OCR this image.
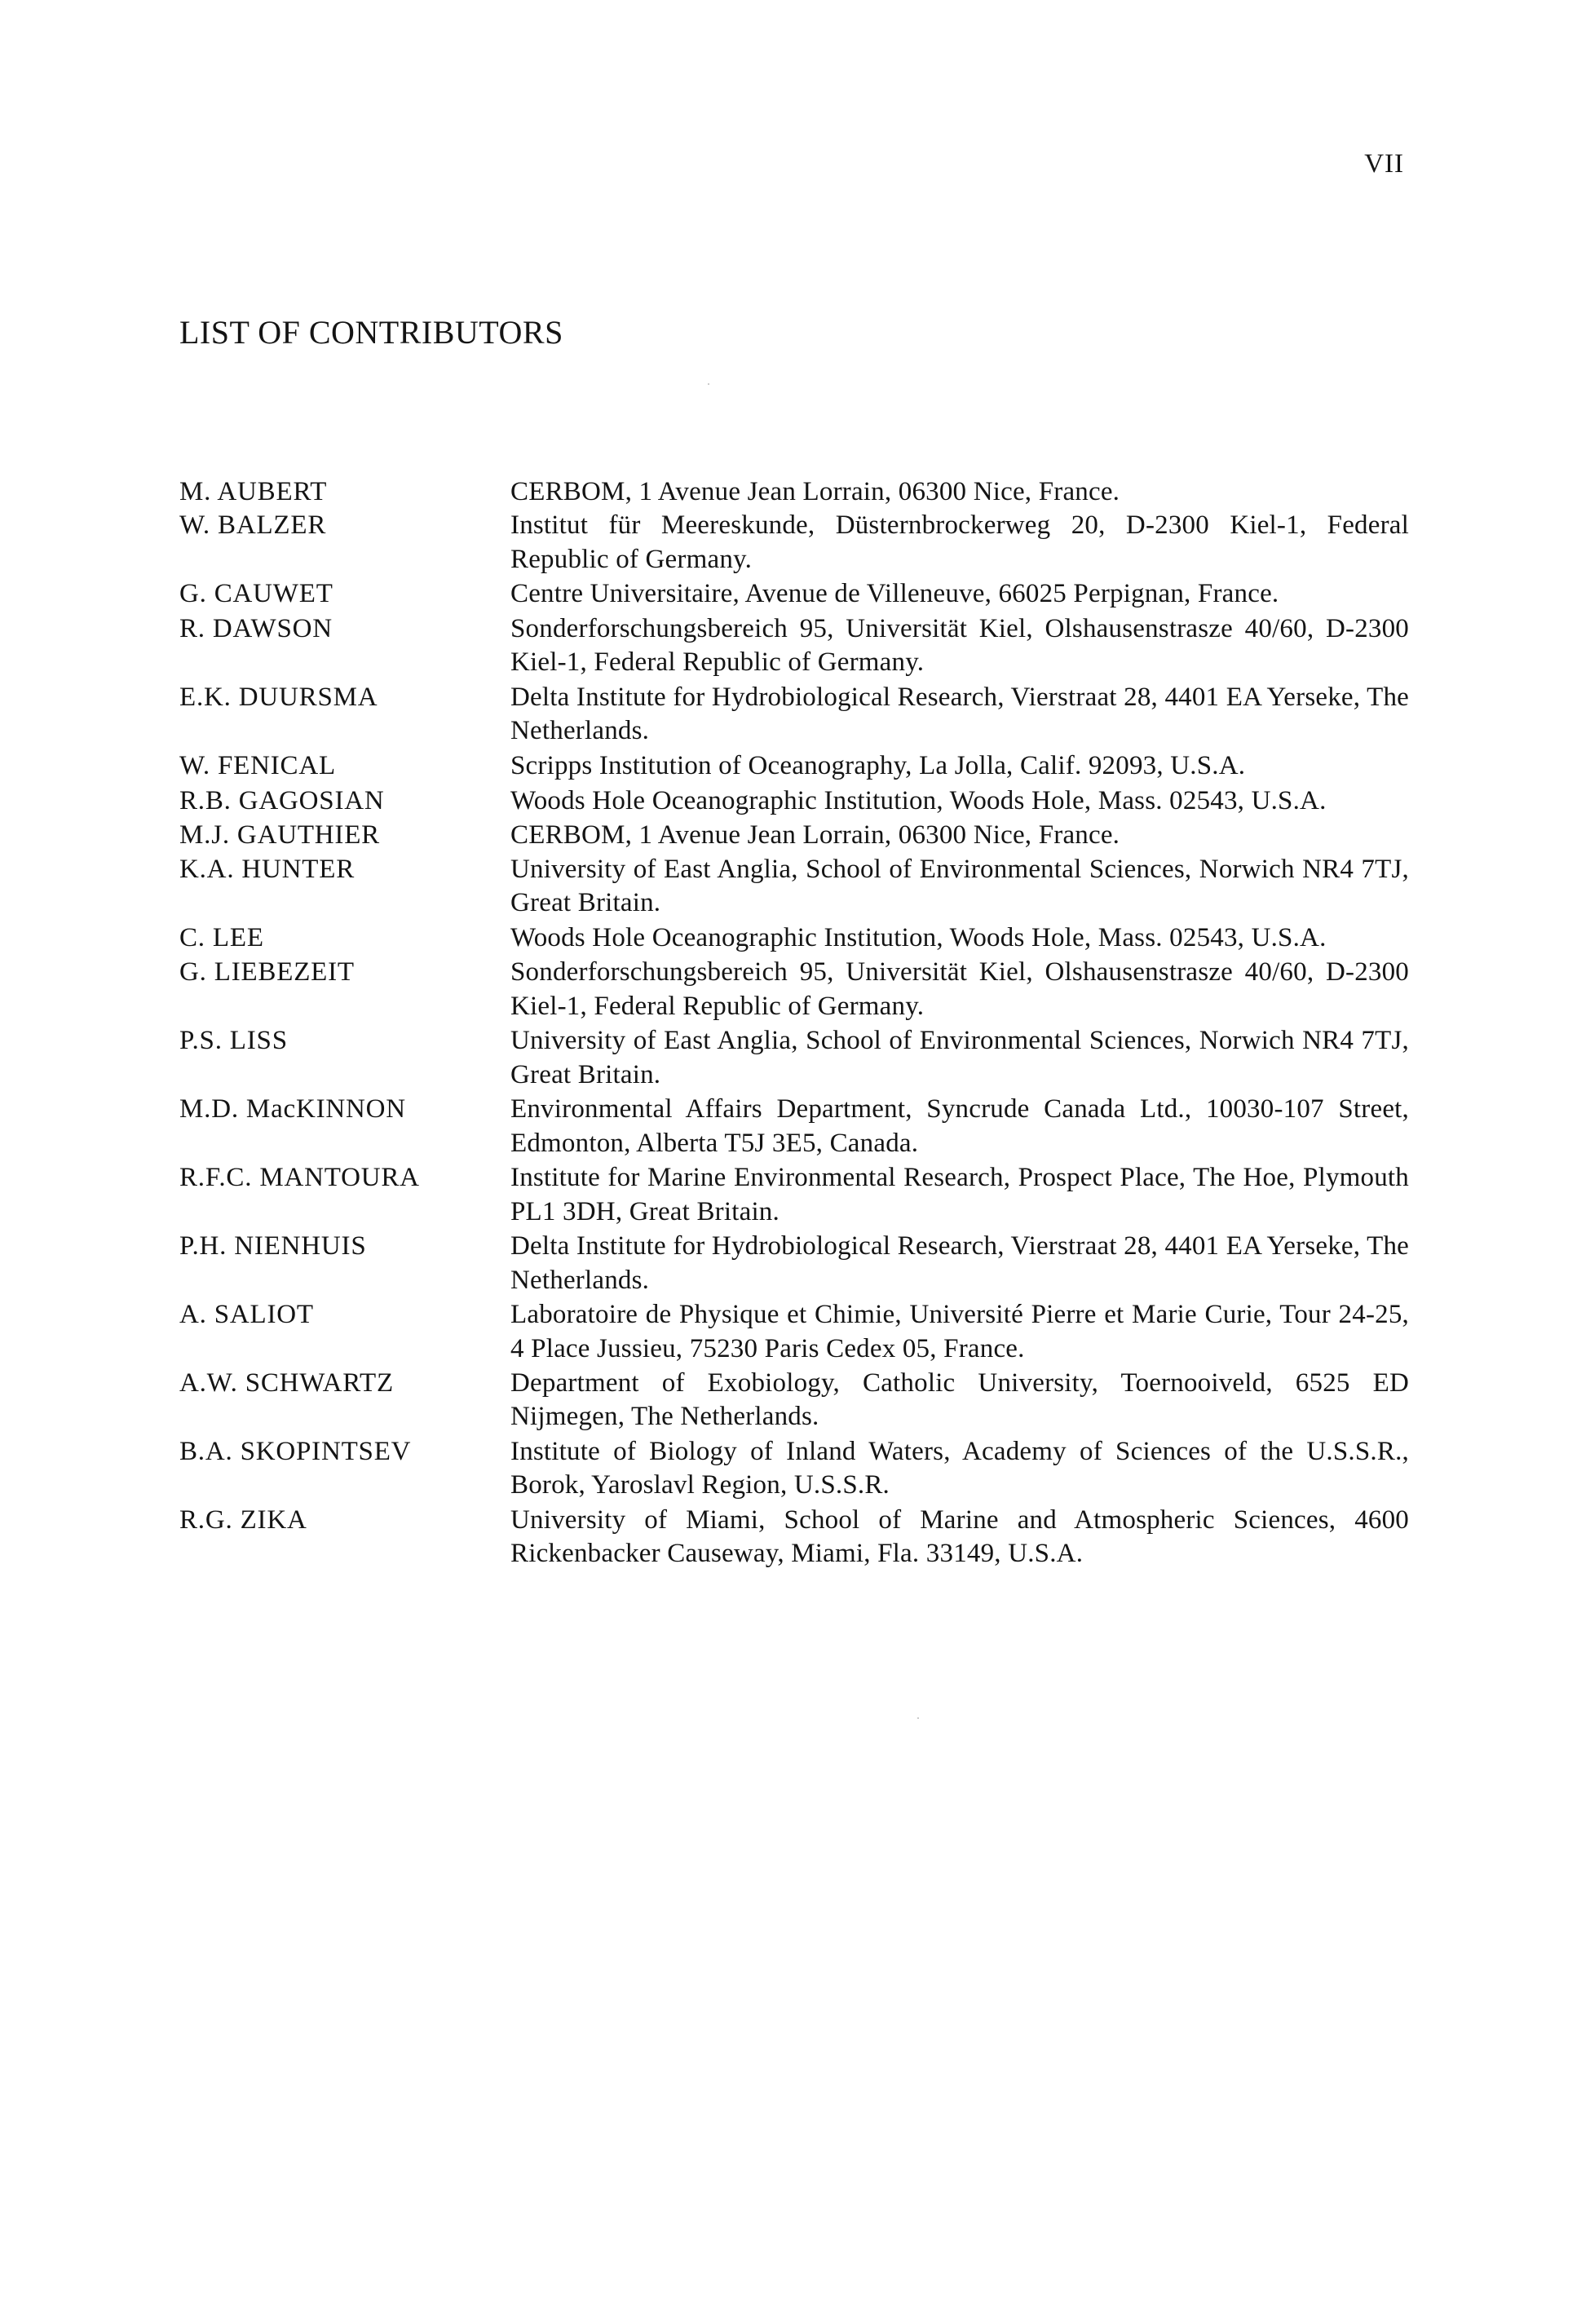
VII
LIST OF CONTRIBUTORS
M. AUBERT	CERBOM, 1 Avenue Jean Lorrain, 06300 Nice, France.
W. BALZER	Institut für Meereskunde, Düsternbrockerweg 20, D-2300 Kiel-1, Federal Republic of Germany.
G. CAUWET	Centre Universitaire, Avenue de Villeneuve, 66025 Perpignan, France.
R. DAWSON	Sonderforschungsbereich 95, Universität Kiel, Olshausenstrasze 40/60, D-2300 Kiel-1, Federal Republic of Germany.
E.K. DUURSMA	Delta Institute for Hydrobiological Research, Vierstraat 28, 4401 EA Yerseke, The Netherlands.
W. FENICAL	Scripps Institution of Oceanography, La Jolla, Calif. 92093, U.S.A.
R.B. GAGOSIAN	Woods Hole Oceanographic Institution, Woods Hole, Mass. 02543, U.S.A.
M.J. GAUTHIER	CERBOM, 1 Avenue Jean Lorrain, 06300 Nice, France.
K.A. HUNTER	University of East Anglia, School of Environmental Sciences, Norwich NR4 7TJ, Great Britain.
C. LEE	Woods Hole Oceanographic Institution, Woods Hole, Mass. 02543, U.S.A.
G. LIEBEZEIT	Sonderforschungsbereich 95, Universität Kiel, Olshausenstrasze 40/60, D-2300 Kiel-1, Federal Republic of Germany.
P.S. LISS	University of East Anglia, School of Environmental Sciences, Norwich NR4 7TJ, Great Britain.
M.D. MacKINNON	Environmental Affairs Department, Syncrude Canada Ltd., 10030-107 Street, Edmonton, Alberta T5J 3E5, Canada.
R.F.C. MANTOURA	Institute for Marine Environmental Research, Prospect Place, The Hoe, Plymouth PL1 3DH, Great Britain.
P.H. NIENHUIS	Delta Institute for Hydrobiological Research, Vierstraat 28, 4401 EA Yerseke, The Netherlands.
A. SALIOT	Laboratoire de Physique et Chimie, Université Pierre et Marie Curie, Tour 24-25, 4 Place Jussieu, 75230 Paris Cedex 05, France.
A.W. SCHWARTZ	Department of Exobiology, Catholic University, Toernooiveld, 6525 ED Nijmegen, The Netherlands.
B.A. SKOPINTSEV	Institute of Biology of Inland Waters, Academy of Sciences of the U.S.S.R., Borok, Yaroslavl Region, U.S.S.R.
R.G. ZIKA	University of Miami, School of Marine and Atmospheric Sciences, 4600 Rickenbacker Causeway, Miami, Fla. 33149, U.S.A.
